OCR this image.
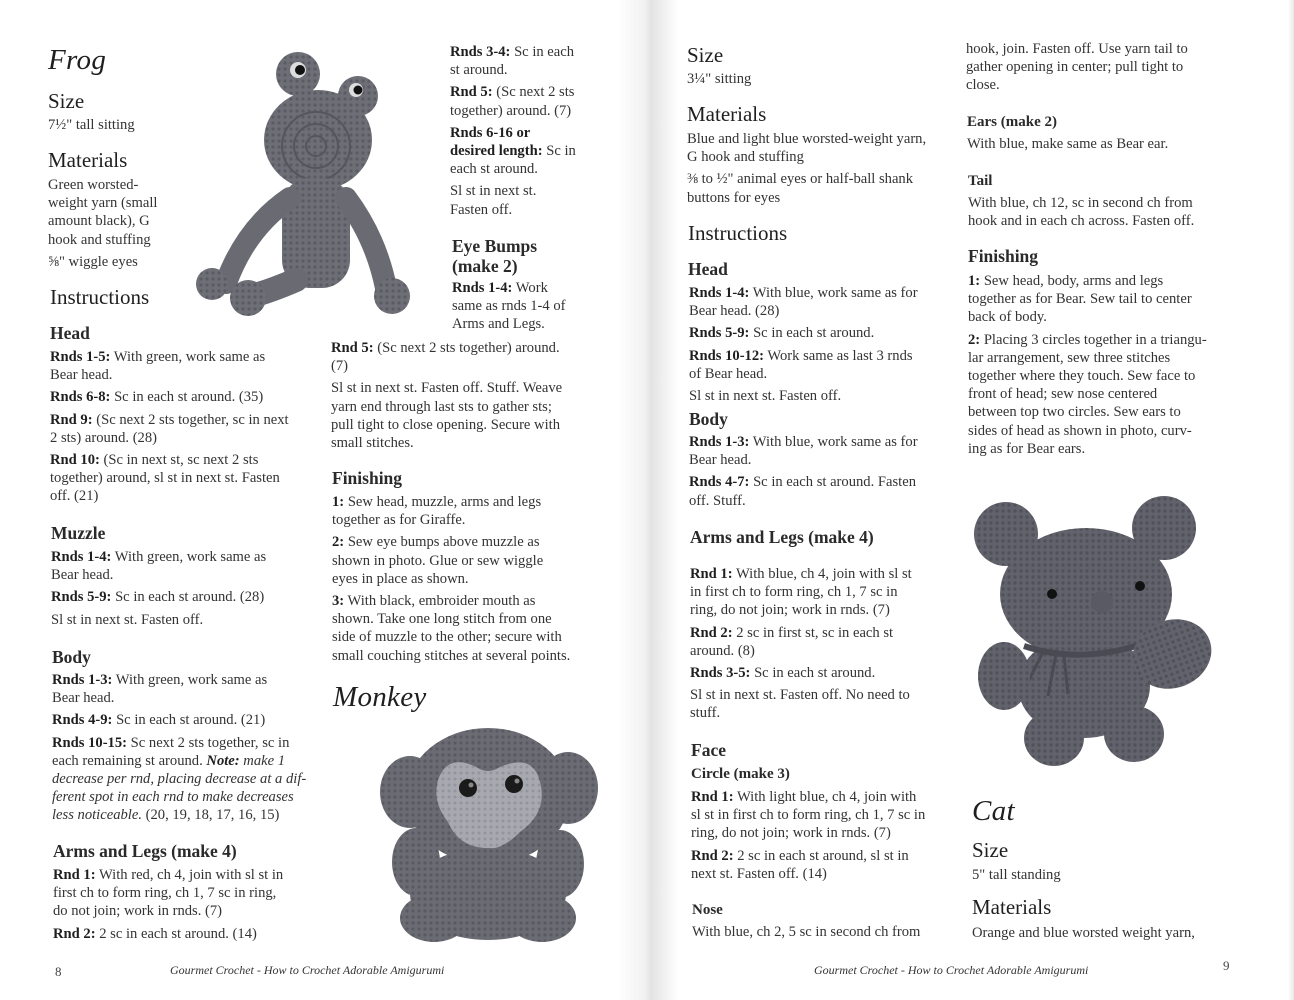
Frog
Size
7½" tall sitting
Materials
Green worsted-
weight yarn (small
amount black), G
hook and stuffing
⅝" wiggle eyes
Instructions
Head
Rnds 1-5: With green, work same as
Bear head.
Rnds 6-8: Sc in each st around. (35)
Rnd 9: (Sc next 2 sts together, sc in next
2 sts) around. (28)
Rnd 10: (Sc in next st, sc next 2 sts
together) around, sl st in next st. Fasten
off. (21)
Muzzle
Rnds 1-4: With green, work same as
Bear head.
Rnds 5-9: Sc in each st around. (28)
Sl st in next st. Fasten off.
Body
Rnds 1-3: With green, work same as
Bear head.
Rnds 4-9: Sc in each st around. (21)
Rnds 10-15: Sc next 2 sts together, sc in
each remaining st around. Note: make 1
decrease per rnd, placing decrease at a dif-
ferent spot in each rnd to make decreases
less noticeable. (20, 19, 18, 17, 16, 15)
Arms and Legs (make 4)
Rnd 1: With red, ch 4, join with sl st in
first ch to form ring, ch 1, 7 sc in ring,
do not join; work in rnds. (7)
Rnd 2: 2 sc in each st around. (14)
Rnds 3-4: Sc in each
st around.
Rnd 5: (Sc next 2 sts
together) around. (7)
Rnds 6-16 or
desired length: Sc in
each st around.
Sl st in next st.
Fasten off.
Eye Bumps
(make 2)
Rnds 1-4: Work
same as rnds 1-4 of
Arms and Legs.
Rnd 5: (Sc next 2 sts together) around.
(7)
Sl st in next st. Fasten off. Stuff. Weave
yarn end through last sts to gather sts;
pull tight to close opening. Secure with
small stitches.
Finishing
1: Sew head, muzzle, arms and legs
together as for Giraffe.
2: Sew eye bumps above muzzle as
shown in photo. Glue or sew wiggle
eyes in place as shown.
3: With black, embroider mouth as
shown. Take one long stitch from one
side of muzzle to the other; secure with
small couching stitches at several points.
Monkey
8	Gourmet Crochet - How to Crochet Adorable Amigurumi
Size
3¼" sitting
Materials
Blue and light blue worsted-weight yarn,
G hook and stuffing
⅜ to ½" animal eyes or half-ball shank
buttons for eyes
Instructions
Head
Rnds 1-4: With blue, work same as for
Bear head. (28)
Rnds 5-9: Sc in each st around.
Rnds 10-12: Work same as last 3 rnds
of Bear head.
Sl st in next st. Fasten off.
Body
Rnds 1-3: With blue, work same as for
Bear head.
Rnds 4-7: Sc in each st around. Fasten
off. Stuff.
Arms and Legs (make 4)
Rnd 1: With blue, ch 4, join with sl st
in first ch to form ring, ch 1, 7 sc in
ring, do not join; work in rnds. (7)
Rnd 2: 2 sc in first st, sc in each st
around. (8)
Rnds 3-5: Sc in each st around.
Sl st in next st. Fasten off. No need to
stuff.
Face
Circle (make 3)
Rnd 1: With light blue, ch 4, join with
sl st in first ch to form ring, ch 1, 7 sc in
ring, do not join; work in rnds. (7)
Rnd 2: 2 sc in each st around, sl st in
next st. Fasten off. (14)
Nose
With blue, ch 2, 5 sc in second ch from
hook, join. Fasten off. Use yarn tail to
gather opening in center; pull tight to
close.
Ears (make 2)
With blue, make same as Bear ear.
Tail
With blue, ch 12, sc in second ch from
hook and in each ch across. Fasten off.
Finishing
1: Sew head, body, arms and legs
together as for Bear. Sew tail to center
back of body.
2: Placing 3 circles together in a triangu-
lar arrangement, sew three stitches
together where they touch. Sew face to
front of head; sew nose centered
between top two circles. Sew ears to
sides of head as shown in photo, curv-
ing as for Bear ears.
Cat
Size
5" tall standing
Materials
Orange and blue worsted weight yarn,
Gourmet Crochet - How to Crochet Adorable Amigurumi	9
